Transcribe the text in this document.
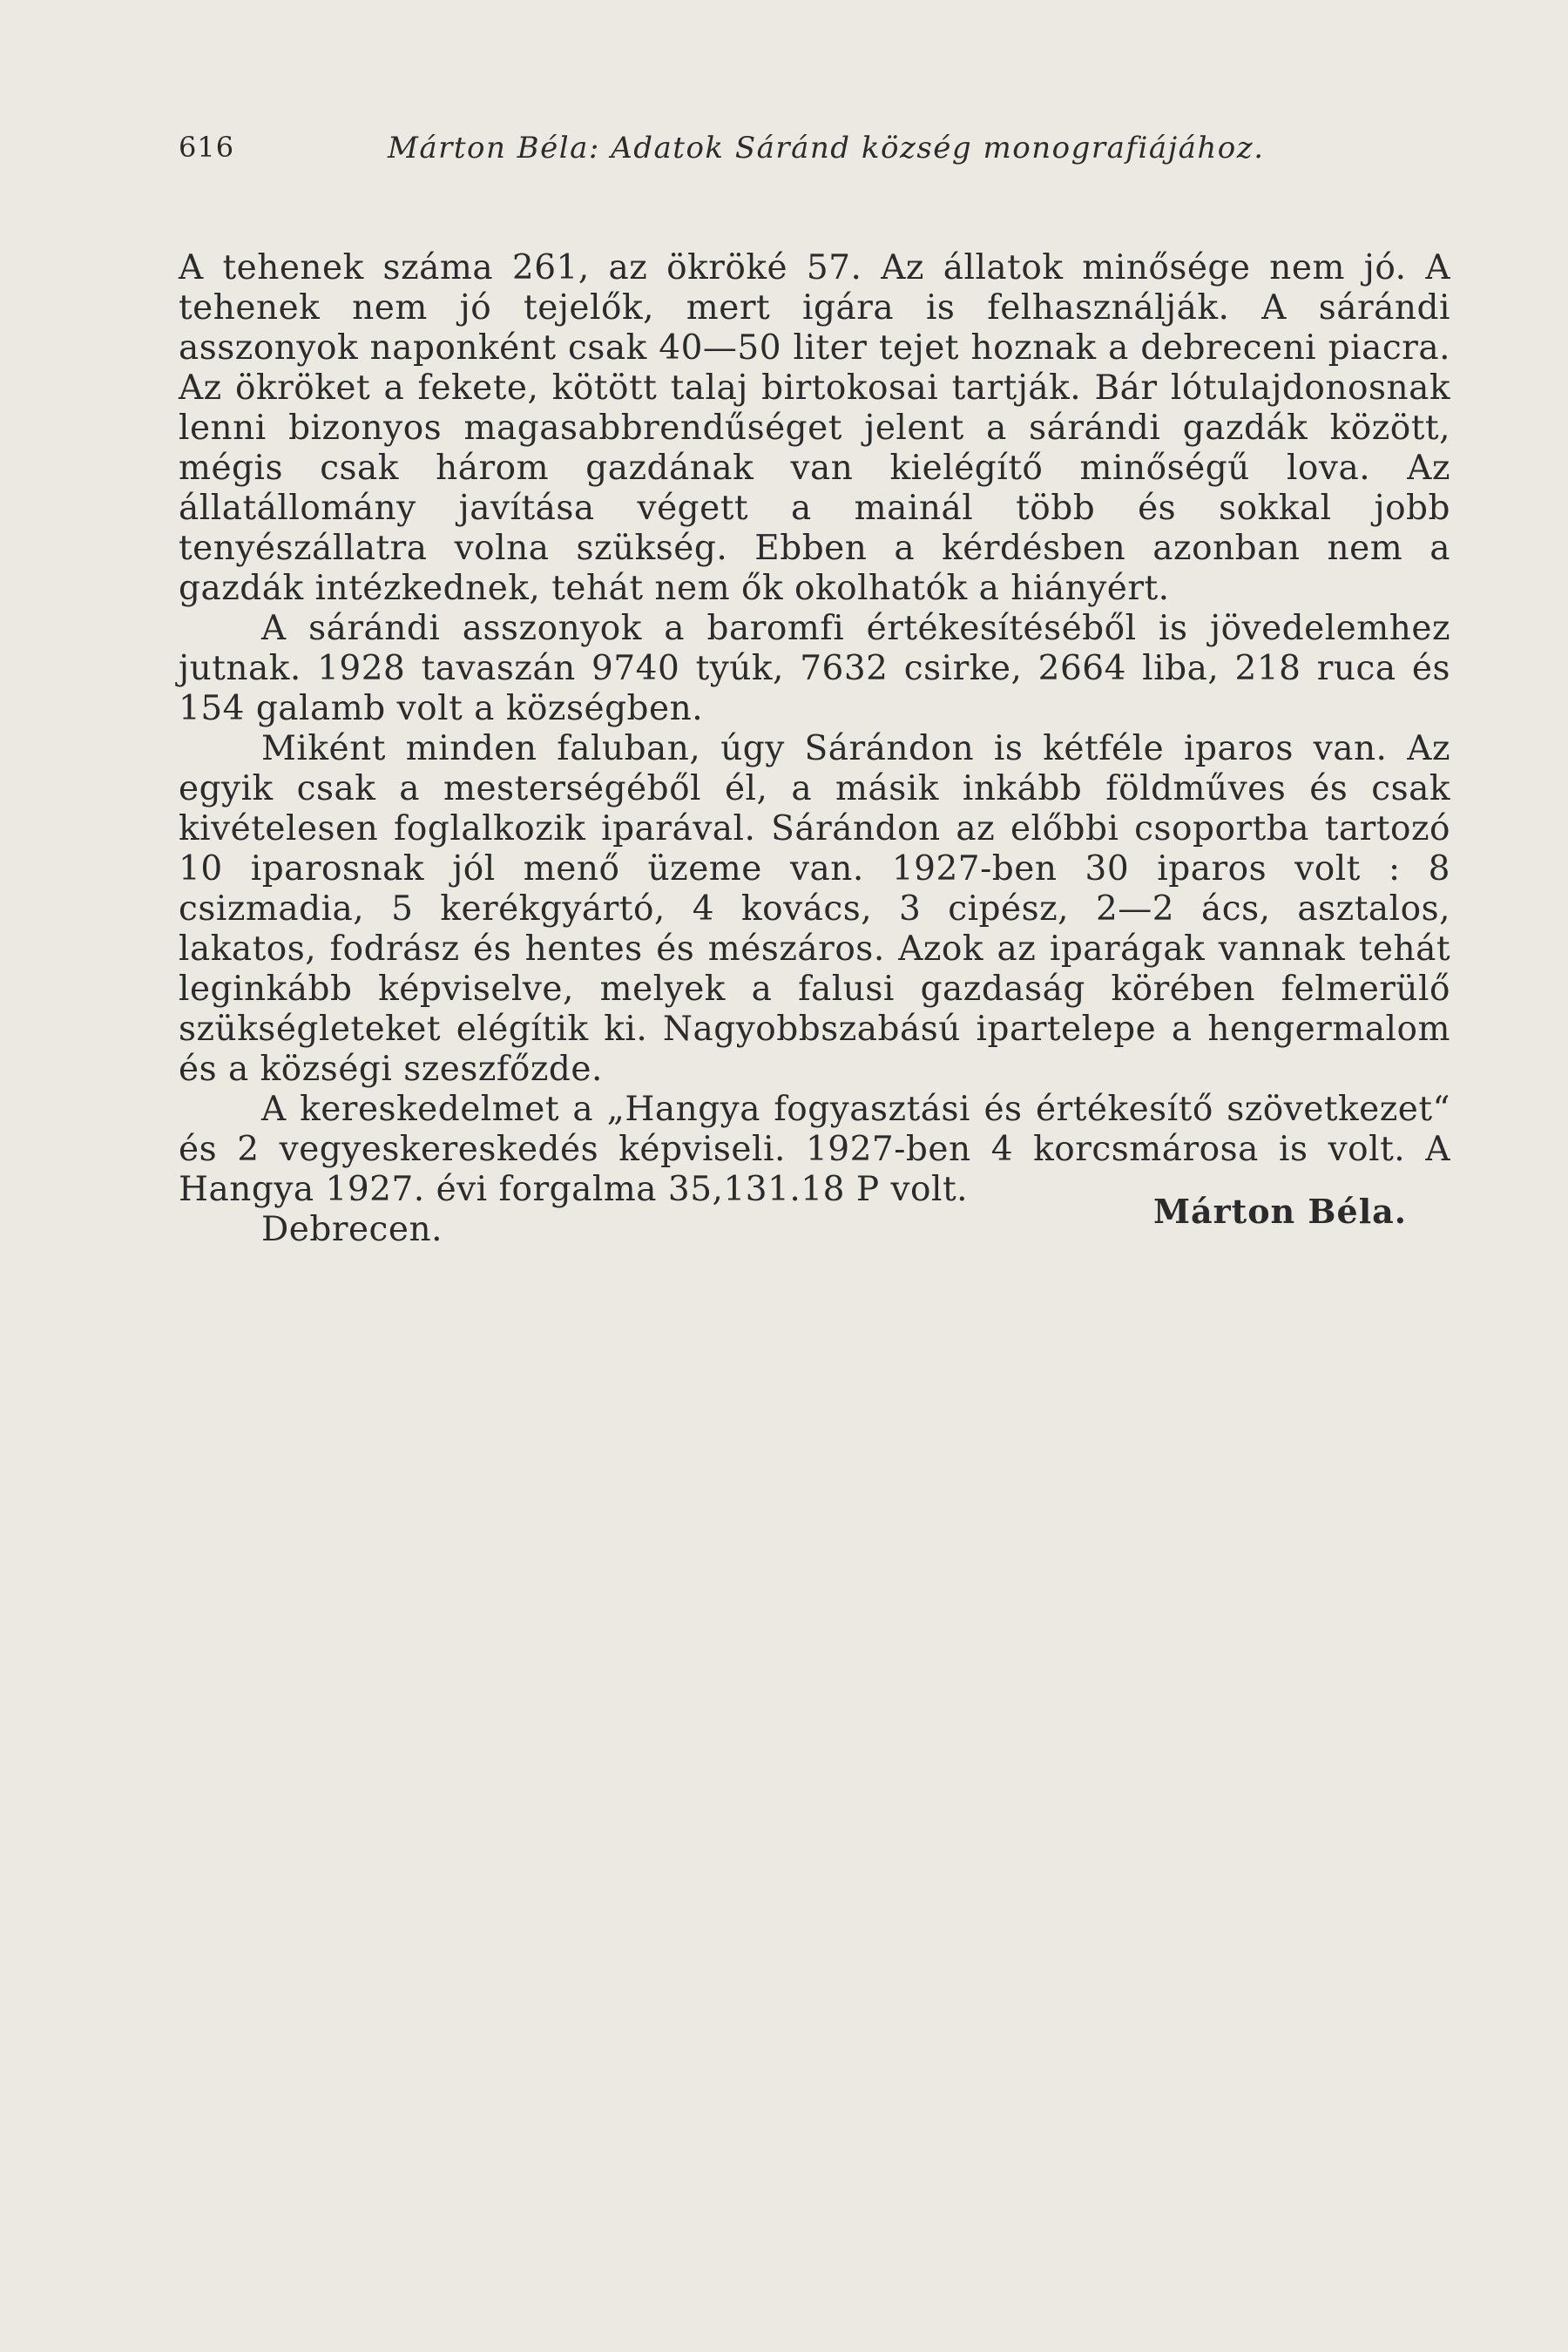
616	Márton Béla: Adatok Sáránd község monografiájához.

A tehenek száma 261, az ökröké 57. Az állatok minősége nem jó. A tehenek nem jó tejelők, mert igára is felhasználják. A sárándi asszonyok naponként csak 40—50 liter tejet hoznak a debreceni piacra. Az ökröket a fekete, kötött talaj birtokosai tartják. Bár lótulajdonosnak lenni bizonyos magasabbrendűséget jelent a sárándi gazdák között, mégis csak három gazdának van kielégítő minőségű lova. Az állatállomány javítása végett a mainál több és sokkal jobb tenyészállatra volna szükség. Ebben a kérdésben azonban nem a gazdák intézkednek, tehát nem ők okolhatók a hiányért.

A sárándi asszonyok a baromfi értékesítéséből is jövedelemhez jutnak. 1928 tavaszán 9740 tyúk, 7632 csirke, 2664 liba, 218 ruca és 154 galamb volt a községben.

Miként minden faluban, úgy Sárándon is kétféle iparos van. Az egyik csak a mesterségéből él, a másik inkább földműves és csak kivételesen foglalkozik iparával. Sárándon az előbbi csoportba tartozó 10 iparosnak jól menő üzeme van. 1927-ben 30 iparos volt : 8 csizmadia, 5 kerékgyártó, 4 kovács, 3 cipész, 2—2 ács, asztalos, lakatos, fodrász és hentes és mészáros. Azok az iparágak vannak tehát leginkább képviselve, melyek a falusi gazdaság körében felmerülő szükségleteket elégítik ki. Nagyobbszabású ipartelepe a hengermalom és a községi szeszfőzde.

A kereskedelmet a „Hangya fogyasztási és értékesítő szövetkezet“ és 2 vegyeskereskedés képviseli. 1927-ben 4 korcsmárosa is volt. A Hangya 1927. évi forgalma 35,131.18 P volt.

Debrecen.	Márton Béla.
